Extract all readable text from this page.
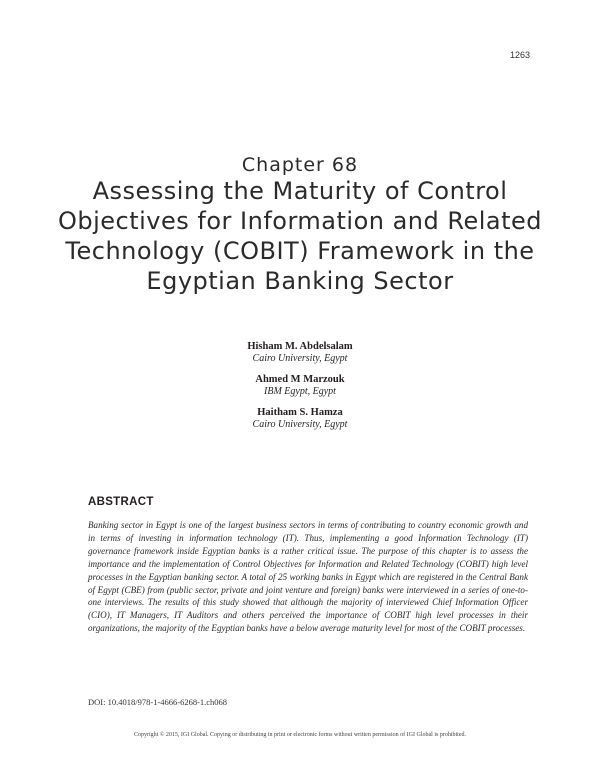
1263
Chapter 68
Assessing the Maturity of Control Objectives for Information and Related Technology (COBIT) Framework in the Egyptian Banking Sector
Hisham M. Abdelsalam
Cairo University, Egypt
Ahmed M Marzouk
IBM Egypt, Egypt
Haitham S. Hamza
Cairo University, Egypt
ABSTRACT

Banking sector in Egypt is one of the largest business sectors in terms of contributing to country economic growth and in terms of investing in information technology (IT). Thus, implementing a good Information Technology (IT) governance framework inside Egyptian banks is a rather critical issue. The purpose of this chapter is to assess the importance and the implementation of Control Objectives for Information and Related Technology (COBIT) high level processes in the Egyptian banking sector. A total of 25 working banks in Egypt which are registered in the Central Bank of Egypt (CBE) from (public sector, private and joint venture and foreign) banks were interviewed in a series of one-to-one interviews. The results of this study showed that although the majority of interviewed Chief Information Officer (CIO), IT Managers, IT Auditors and others perceived the importance of COBIT high level processes in their organizations, the majority of the Egyptian banks have a below average maturity level for most of the COBIT processes.

DOI: 10.4018/978-1-4666-6268-1.ch068
Copyright © 2015, IGI Global. Copying or distributing in print or electronic forms without written permission of IGI Global is prohibited.
